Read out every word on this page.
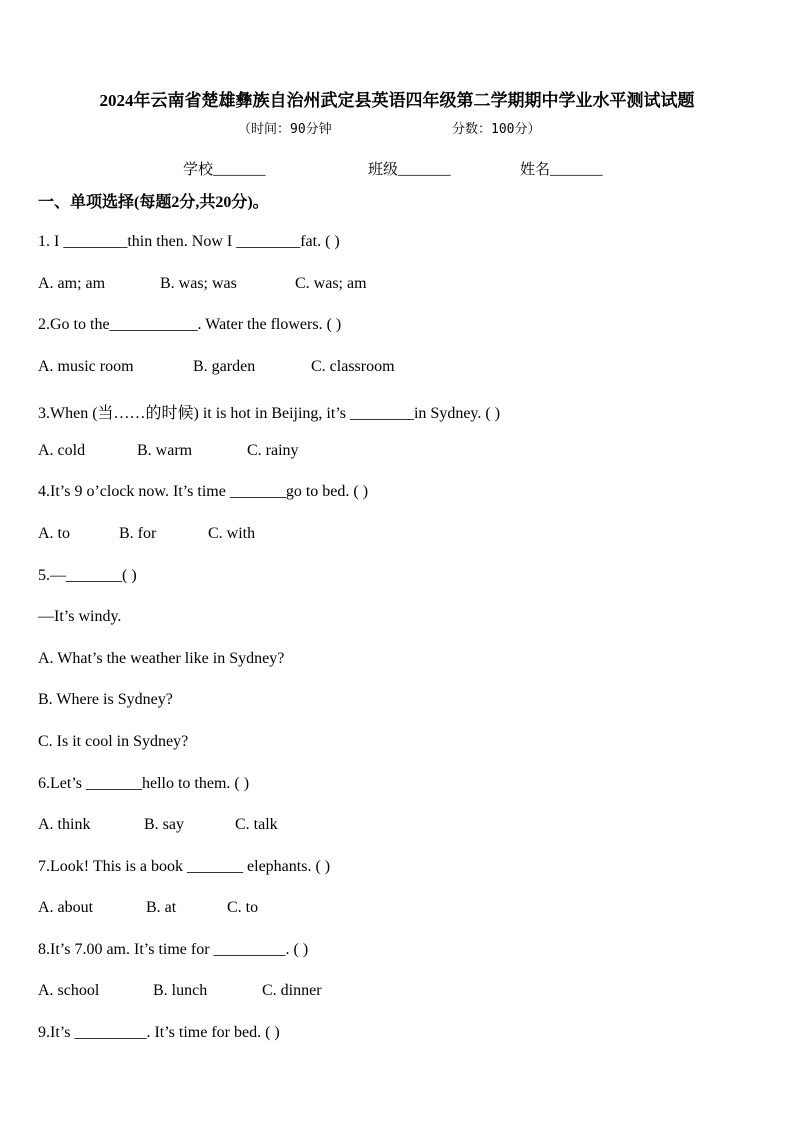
2024年云南省楚雄彝族自治州武定县英语四年级第二学期期中学业水平测试试题
（时间：90分钟	分数：100分）
学校_______	班级_______	姓名_______
一、单项选择(每题2分,共20分)。
1. I ________thin then. Now I ________fat. ( )
A. am; am	B. was; was	C. was; am
2.Go to the___________. Water the flowers. ( )
A. music room	B. garden	C. classroom
3.When (当……的时候) it is hot in Beijing, it’s ________in Sydney. ( )
A. cold	B. warm	C. rainy
4.It’s 9 o’clock now. It’s time _______go to bed. ( )
A. to	B. for	C. with
5.—_______( )
—It’s windy.
A. What’s the weather like in Sydney?
B. Where is Sydney?
C. Is it cool in Sydney?
6.Let’s _______hello to them. ( )
A. think	B. say	C. talk
7.Look! This is a book _______ elephants. ( )
A. about	B. at	C. to
8.It’s 7.00 am. It’s time for _________. ( )
A. school	B. lunch	C. dinner
9.It’s _________. It’s time for bed. ( )
